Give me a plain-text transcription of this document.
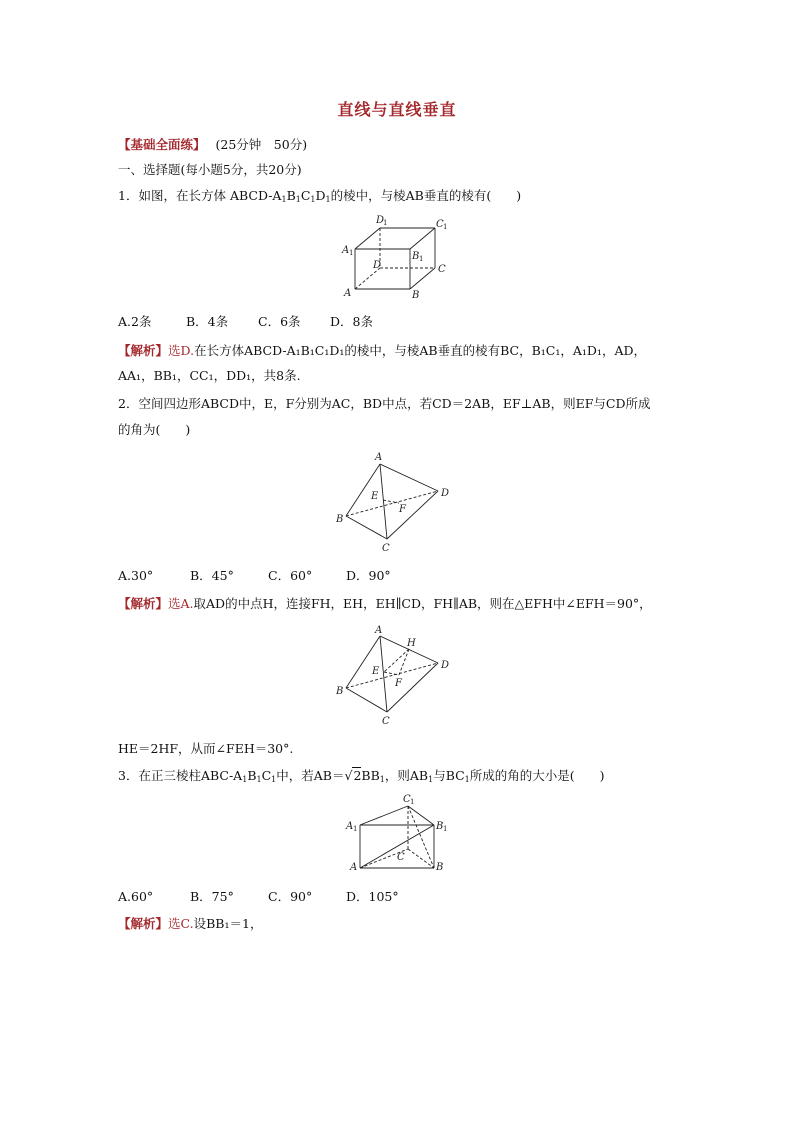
直线与直线垂直
【基础全面练】 (25分钟　50分)
一、选择题(每小题5分，共20分)
1．如图，在长方体 ABCD-$A_1B_1C_1D_1$的棱中，与棱AB垂直的棱有(　　)
A	B
C
D
A 1	B 1
C 1
D
1
A.2条	B．4条 C．6条 D．8条
【解析】选D.在长方体ABCD-A₁B₁C₁D₁的棱中，与棱AB垂直的棱有BC，B₁C₁，A₁D₁，AD，
AA₁，BB₁，CC₁，DD₁，共8条.
2．空间四边形ABCD中，E，F分别为AC，BD中点，若CD＝2AB，EF⊥AB，则EF与CD所成
的角为(　　)
A
B
C
D
E
F
A.30°	B．45°	C．60°	D．90°
【解析】选A.取AD的中点H，连接FH，EH，EH∥CD，FH∥AB，则在△EFH中∠EFH＝90°，
A
B
C
D
E
F
H
HE＝2HF，从而∠FEH＝30°.
3．在正三棱柱ABC-$A_1B_1C_1$中，若$AB=√2BB_1$，则$AB_1$与$BC_1$所成的角的大小是(　　)
A	B
C
A 1	B 1
C 1
A.60°	B．75°	C．90°	D．105°
【解析】选C.设BB₁＝1，
